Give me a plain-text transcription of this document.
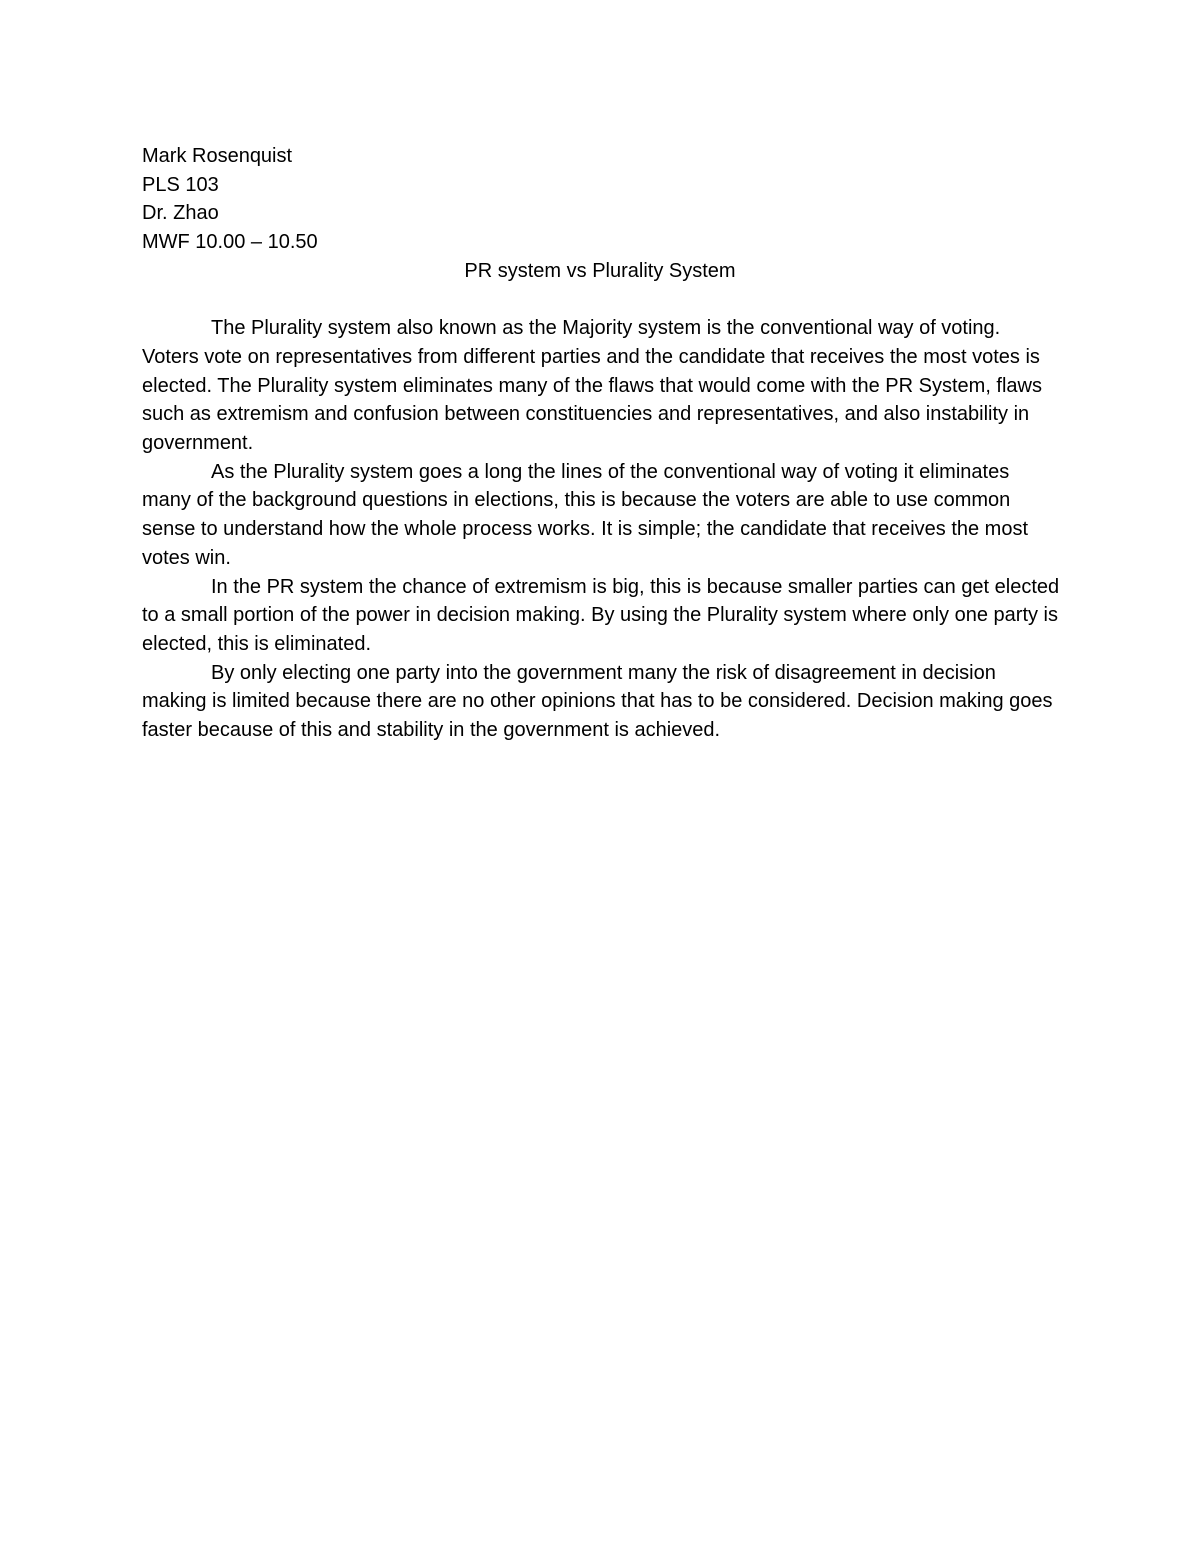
Mark Rosenquist
PLS 103
Dr. Zhao
MWF 10.00 – 10.50
PR system vs Plurality System

The Plurality system also known as the Majority system is the conventional way of voting. Voters vote on representatives from different parties and the candidate that receives the most votes is elected. The Plurality system eliminates many of the flaws that would come with the PR System, flaws such as extremism and confusion between constituencies and representatives, and also instability in government.

As the Plurality system goes a long the lines of the conventional way of voting it eliminates many of the background questions in elections, this is because the voters are able to use common sense to understand how the whole process works. It is simple; the candidate that receives the most votes win.

In the PR system the chance of extremism is big, this is because smaller parties can get elected to a small portion of the power in decision making. By using the Plurality system where only one party is elected, this is eliminated.

By only electing one party into the government many the risk of disagreement in decision making is limited because there are no other opinions that has to be considered. Decision making goes faster because of this and stability in the government is achieved.
